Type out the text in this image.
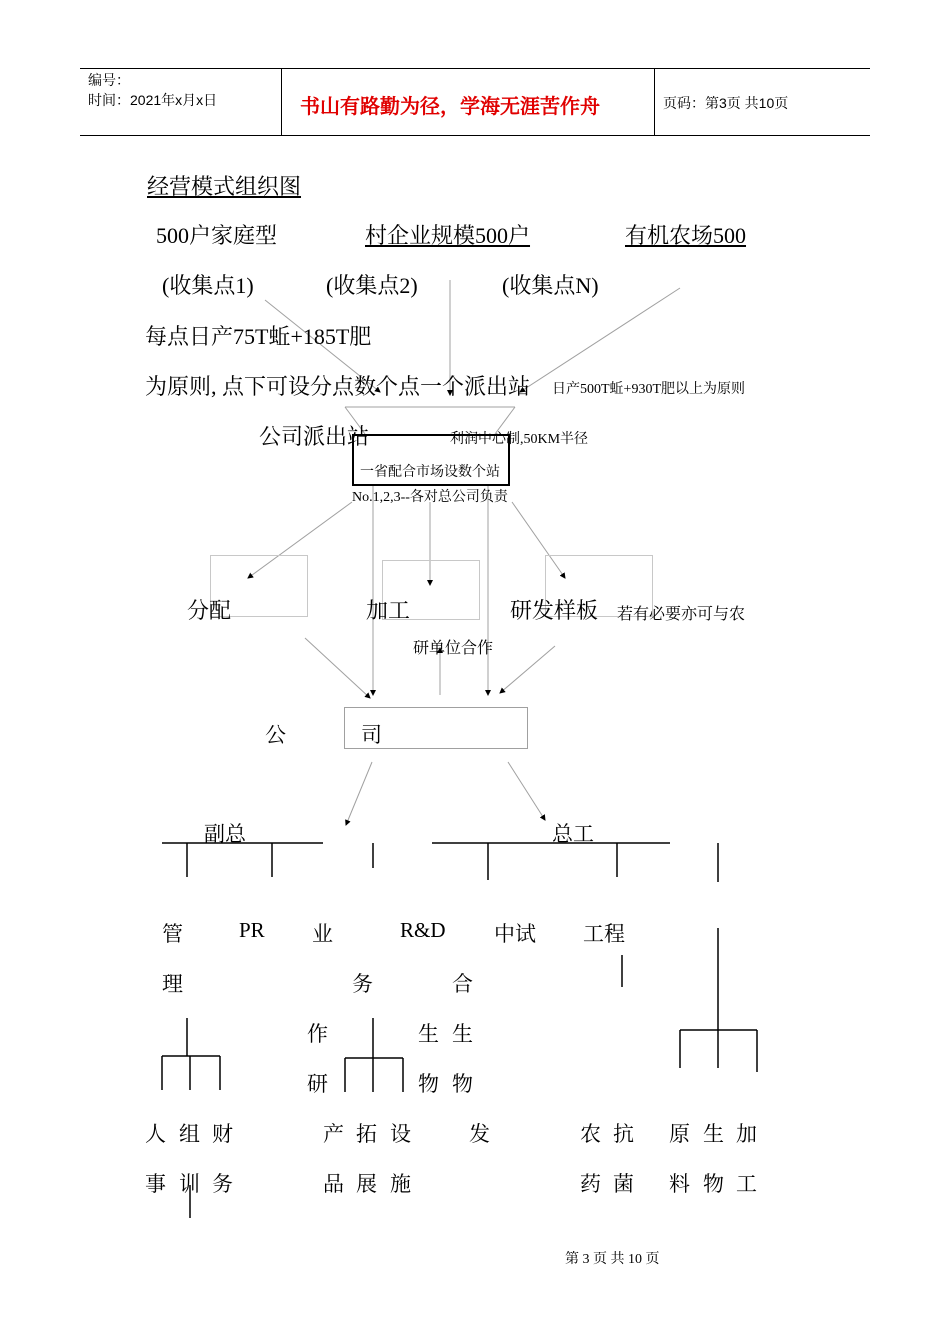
编号：
时间：2021年x月x日	书山有路勤为径，学海无涯苦作舟	页码：第3页 共10页
经营模式组织图
500户家庭型	村企业规模500户	有机农场500
(收集点1)	(收集点2)	(收集点N)
每点日产75T蚯+185T肥
为原则, 点下可设分点数个点一个派出站 日产500T蚯+930T肥以上为原则
公司派出站	利润中心制,50KM半径
一省配合市场设数个站
No.1,2,3--各对总公司负责
分配	加工	研发样板 若有必要亦可与农
研单位合作
公	司
副总	总工
管	PR 业	R&D 中试 工程
理	务	合
作	生 生
研	物 物
人 组 财	产 拓 设	发	农 抗 原 生 加
事 训 务	品 展 施	药 菌 料 物 工
第 3 页 共 10 页
